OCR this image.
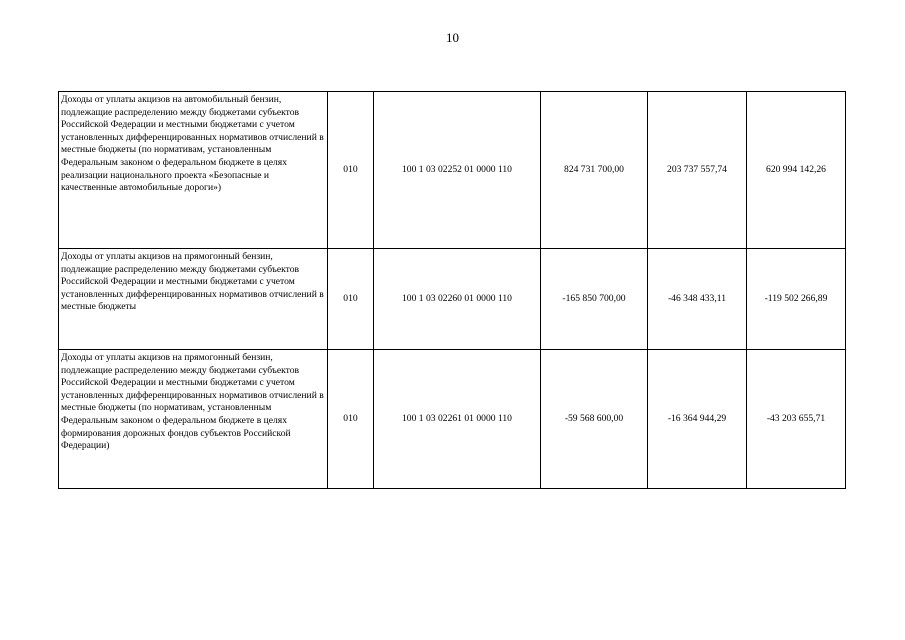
10
Доходы от уплаты акцизов на автомобильный бензин, подлежащие распределению между бюджетами субъектов Российской Федерации и местными бюджетами с учетом установленных дифференцированных нормативов отчислений в местные бюджеты (по нормативам, установленным Федеральным законом о федеральном бюджете в целях реализации национального проекта «Безопасные и качественные автомобильные дороги»)	010	100 1 03 02252 01 0000 110	824 731 700,00	203 737 557,74	620 994 142,26
Доходы от уплаты акцизов на прямогонный бензин, подлежащие распределению между бюджетами субъектов Российской Федерации и местными бюджетами с учетом установленных дифференцированных нормативов отчислений в местные бюджеты	010	100 1 03 02260 01 0000 110	-165 850 700,00	-46 348 433,11	-119 502 266,89
Доходы от уплаты акцизов на прямогонный бензин, подлежащие распределению между бюджетами субъектов Российской Федерации и местными бюджетами с учетом установленных дифференцированных нормативов отчислений в местные бюджеты (по нормативам, установленным Федеральным законом о федеральном бюджете в целях формирования дорожных фондов субъектов Российской Федерации)	010	100 1 03 02261 01 0000 110	-59 568 600,00	-16 364 944,29	-43 203 655,71
